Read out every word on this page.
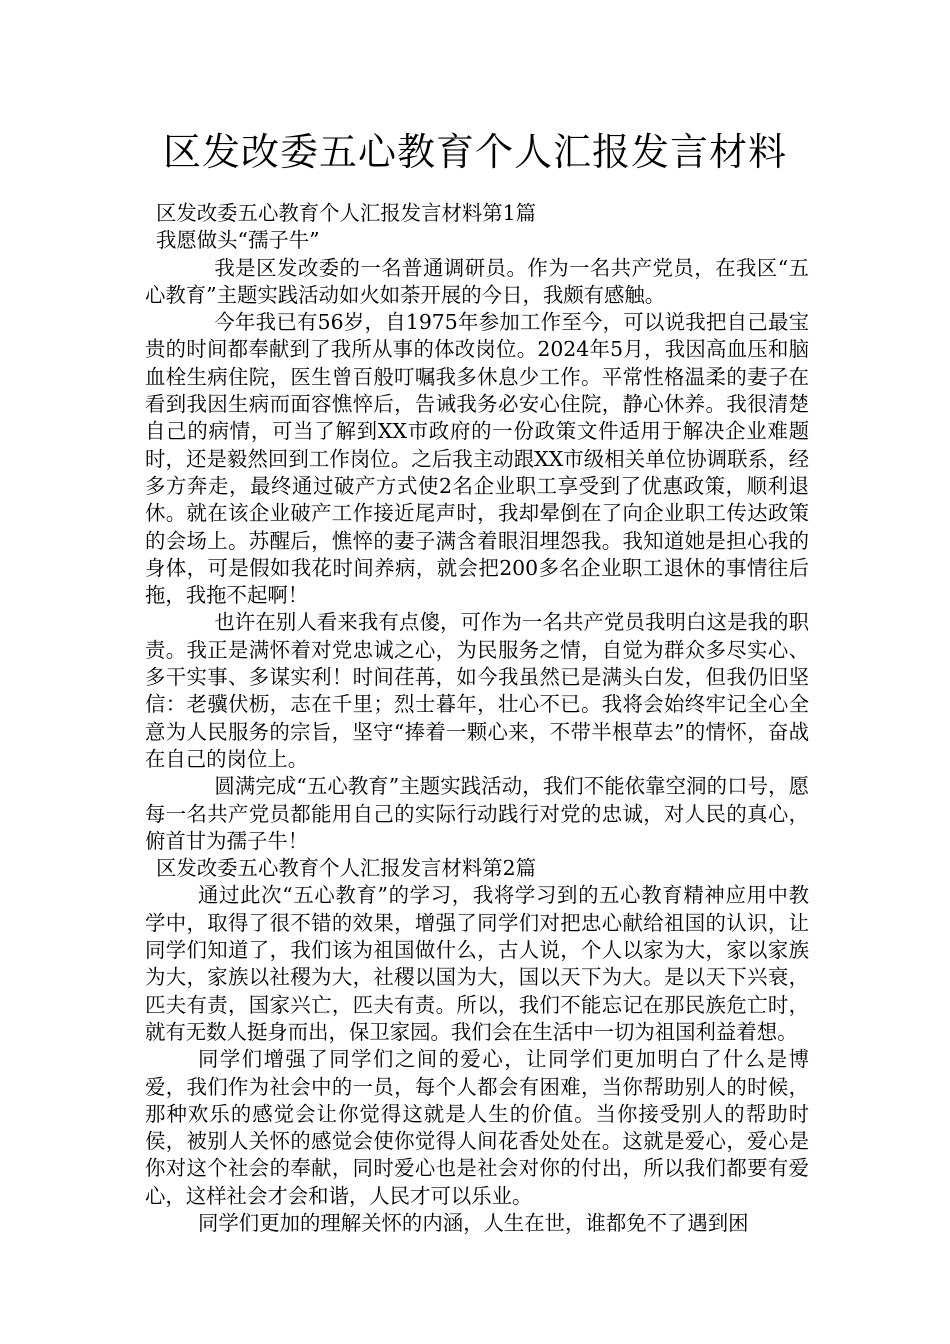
区发改委五心教育个人汇报发言材料

区发改委五心教育个人汇报发言材料第1篇

我愿做头“孺子牛”

我是区发改委的一名普通调研员。作为一名共产党员，在我区“五心教育”主题实践活动如火如荼开展的今日，我颇有感触。

今年我已有56岁，自1975年参加工作至今，可以说我把自己最宝贵的时间都奉献到了我所从事的体改岗位。2024年5月，我因高血压和脑血栓生病住院，医生曾百般叮嘱我多休息少工作。平常性格温柔的妻子在看到我因生病而面容憔悴后，告诫我务必安心住院，静心休养。我很清楚自己的病情，可当了解到XX市政府的一份政策文件适用于解决企业难题时，还是毅然回到工作岗位。之后我主动跟XX市级相关单位协调联系，经多方奔走，最终通过破产方式使2名企业职工享受到了优惠政策，顺利退休。就在该企业破产工作接近尾声时，我却晕倒在了向企业职工传达政策的会场上。苏醒后，憔悴的妻子满含着眼泪埋怨我。我知道她是担心我的身体，可是假如我花时间养病，就会把200多名企业职工退休的事情往后拖，我拖不起啊！

也许在别人看来我有点傻，可作为一名共产党员我明白这是我的职责。我正是满怀着对党忠诚之心，为民服务之情，自觉为群众多尽实心、多干实事、多谋实利！时间荏苒，如今我虽然已是满头白发，但我仍旧坚信：老骥伏枥，志在千里；烈士暮年，壮心不已。我将会始终牢记全心全意为人民服务的宗旨，坚守“捧着一颗心来，不带半根草去”的情怀，奋战在自己的岗位上。

圆满完成“五心教育”主题实践活动，我们不能依靠空洞的口号，愿每一名共产党员都能用自己的实际行动践行对党的忠诚，对人民的真心，俯首甘为孺子牛！

区发改委五心教育个人汇报发言材料第2篇

通过此次“五心教育”的学习，我将学习到的五心教育精神应用中教学中，取得了很不错的效果，增强了同学们对把忠心献给祖国的认识，让同学们知道了，我们该为祖国做什么，古人说，个人以家为大，家以家族为大，家族以社稷为大，社稷以国为大，国以天下为大。是以天下兴衰，匹夫有责，国家兴亡，匹夫有责。所以，我们不能忘记在那民族危亡时，就有无数人挺身而出，保卫家园。我们会在生活中一切为祖国利益着想。

同学们增强了同学们之间的爱心，让同学们更加明白了什么是博爱，我们作为社会中的一员，每个人都会有困难，当你帮助别人的时候，那种欢乐的感觉会让你觉得这就是人生的价值。当你接受别人的帮助时侯，被别人关怀的感觉会使你觉得人间花香处处在。这就是爱心，爱心是你对这个社会的奉献，同时爱心也是社会对你的付出，所以我们都要有爱心，这样社会才会和谐，人民才可以乐业。

同学们更加的理解关怀的内涵，人生在世，谁都免不了遇到困
